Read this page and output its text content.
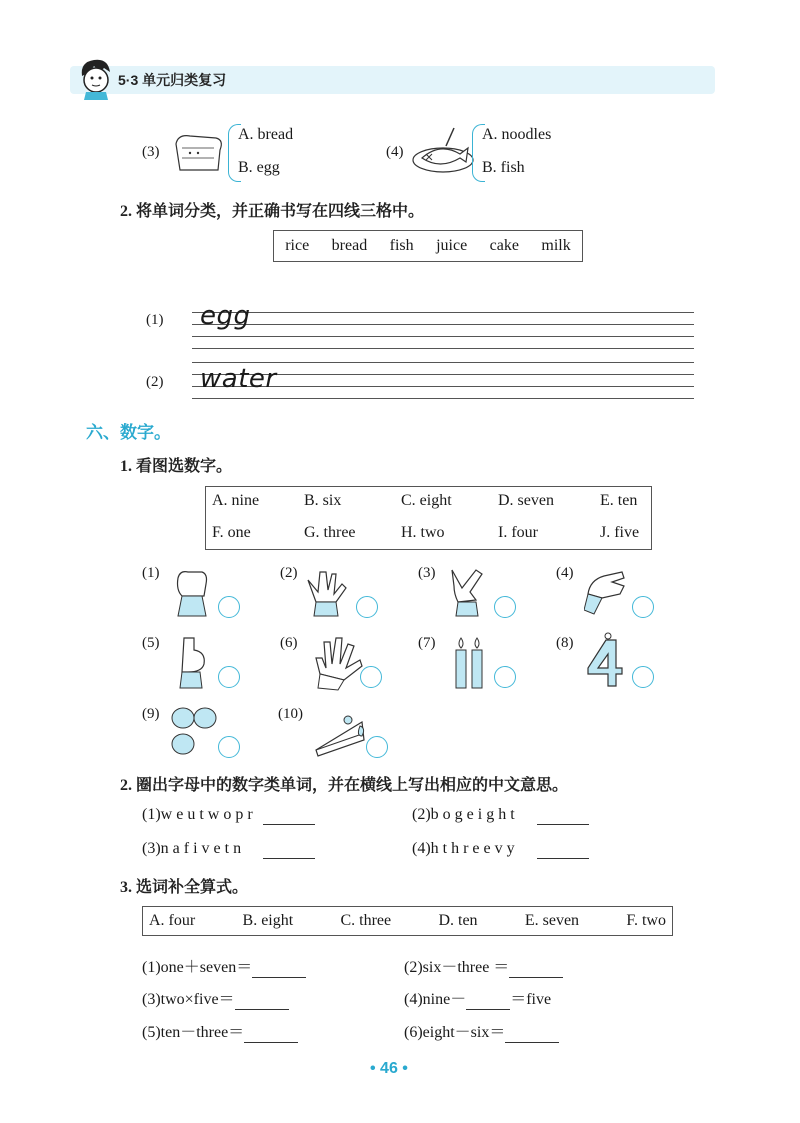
5·3 单元归类复习
(3)
A. bread
B. egg
(4)
A. noodles
B. fish
2. 将单词分类，并正确书写在四线三格中。
rice bread fish juice cake milk
(1) egg
(2) water
六、数字。
1. 看图选数字。
A. nine	B. six	C. eight	D. seven	E. ten
F. one	G. three	H. two	I. four	J. five
(1)	(2)	(3)	(4)
(5)	(6)	(7)	(8)
(9)	(10)
2. 圈出字母中的数字类单词，并在横线上写出相应的中文意思。
(1)w e u t w o p r	(2)b o g e i g h t
(3)n a f i v e t n	(4)h t h r e e v y
3. 选词补全算式。
A. four	B. eight	C. three	D. ten	E. seven	F. two
(1)one＋seven＝	(2)six－three ＝
(3)two×five＝	(4)nine－	＝five
(5)ten－three＝	(6)eight－six＝
• 46 •
